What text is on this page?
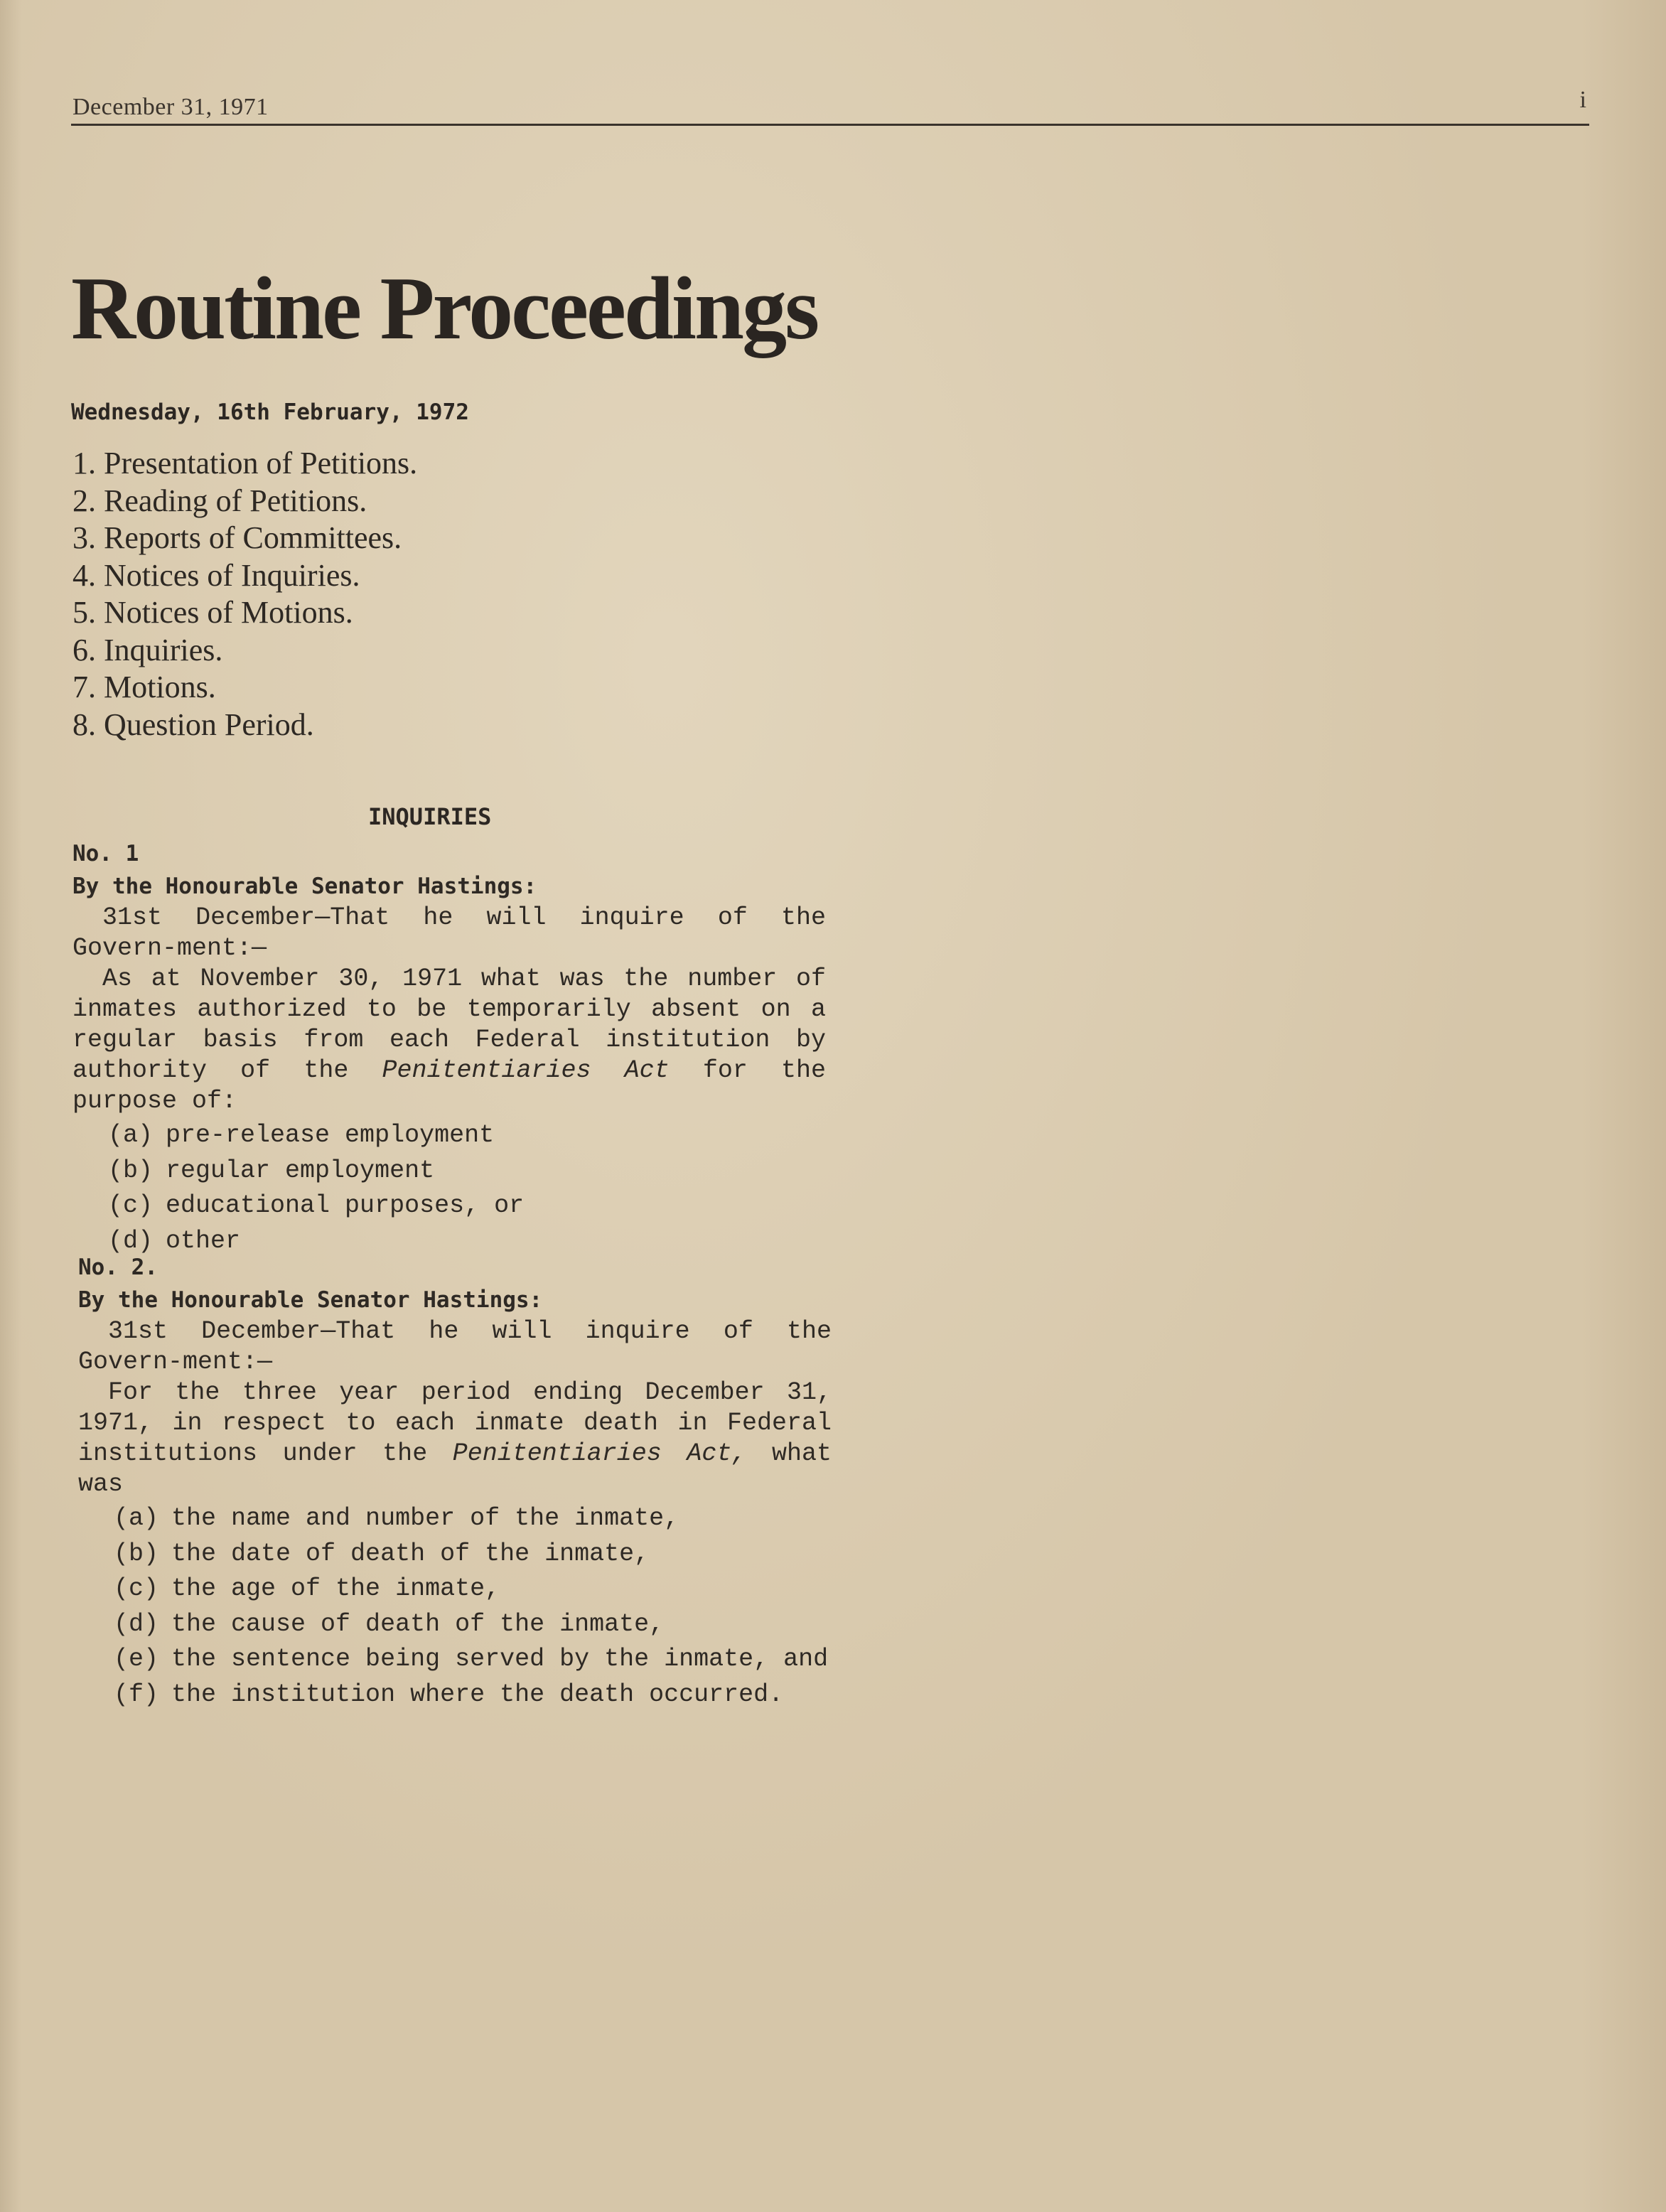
December 31, 1971	i
Routine Proceedings
Wednesday, 16th February, 1972
1. Presentation of Petitions.
2. Reading of Petitions.
3. Reports of Committees.
4. Notices of Inquiries.
5. Notices of Motions.
6. Inquiries.
7. Motions.
8. Question Period.
INQUIRIES
No. 1
By the Honourable Senator Hastings:

31st December—That he will inquire of the Govern-ment:—

As at November 30, 1971 what was the number of inmates authorized to be temporarily absent on a regular basis from each Federal institution by authority of the Penitentiaries Act for the purpose of:

(a) pre-release employment
(b) regular employment
(c) educational purposes, or
(d) other
No. 2.
By the Honourable Senator Hastings:

31st December—That he will inquire of the Govern-ment:—

For the three year period ending December 31, 1971, in respect to each inmate death in Federal institutions under the Penitentiaries Act, what was

(a) the name and number of the inmate,
(b) the date of death of the inmate,
(c) the age of the inmate,
(d) the cause of death of the inmate,
(e) the sentence being served by the inmate, and
(f) the institution where the death occurred.
